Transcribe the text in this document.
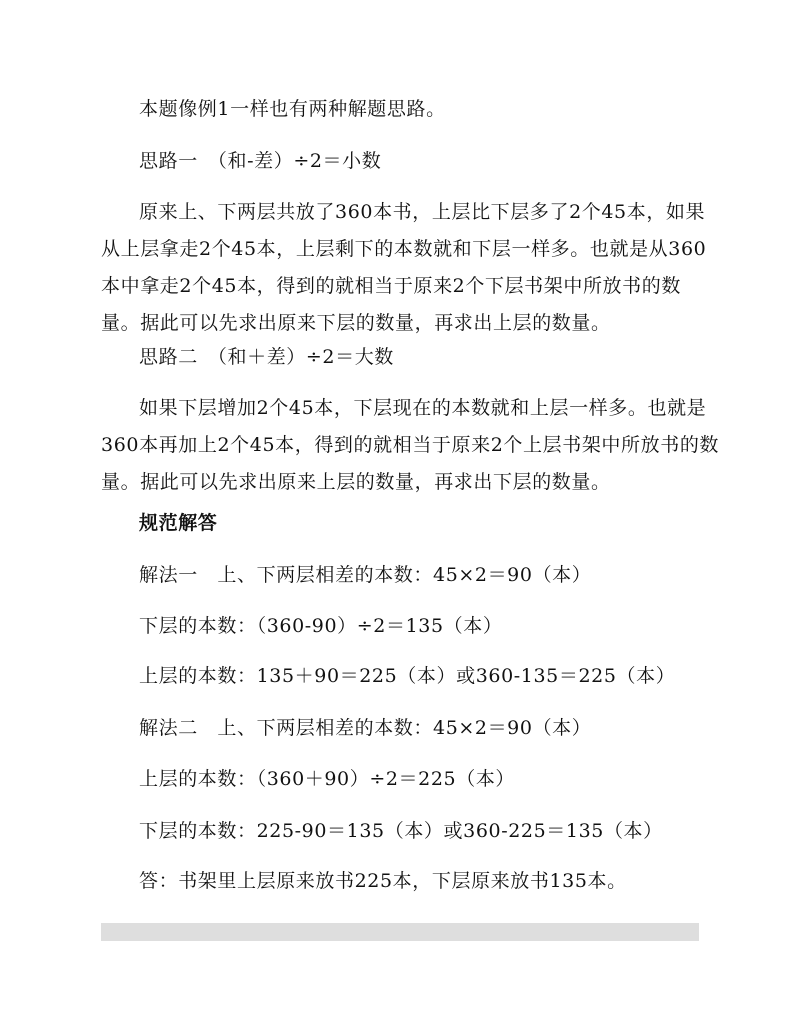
本题像例1一样也有两种解题思路。
思路一　（和-差）÷2＝小数
原来上、下两层共放了360本书，上层比下层多了2个45本，如果
从上层拿走2个45本，上层剩下的本数就和下层一样多。也就是从360
本中拿走2个45本，得到的就相当于原来2个下层书架中所放书的数
量。据此可以先求出原来下层的数量，再求出上层的数量。
思路二　（和＋差）÷2＝大数
如果下层增加2个45本，下层现在的本数就和上层一样多。也就是
360本再加上2个45本，得到的就相当于原来2个上层书架中所放书的数
量。据此可以先求出原来上层的数量，再求出下层的数量。
规范解答
解法一　上、下两层相差的本数：45×2＝90（本）
下层的本数：（360-90）÷2＝135（本）
上层的本数：135＋90＝225（本）或360-135＝225（本）
解法二　上、下两层相差的本数：45×2＝90（本）
上层的本数：（360＋90）÷2＝225（本）
下层的本数：225-90＝135（本）或360-225＝135（本）
答：书架里上层原来放书225本，下层原来放书135本。
